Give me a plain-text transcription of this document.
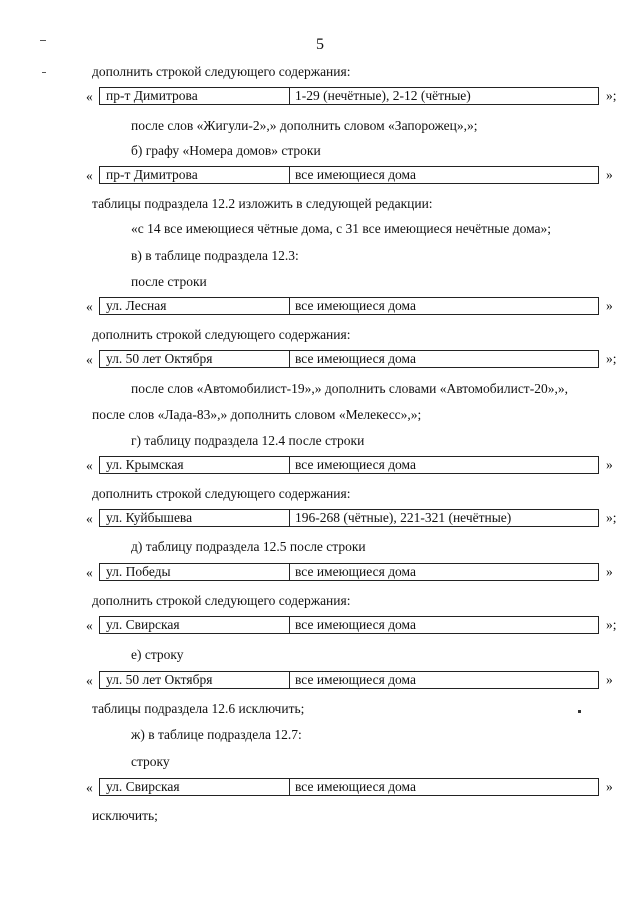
5
дополнить строкой следующего содержания:
« пр-т Димитрова	1-29 (нечётные), 2-12 (чётные)	»;
после слов «Жигули-2»,» дополнить словом «Запорожец»,»;
б) графу «Номера домов» строки
« пр-т Димитрова	все имеющиеся дома	»
таблицы подраздела 12.2 изложить в следующей редакции:
«с 14 все имеющиеся чётные дома, с 31 все имеющиеся нечётные дома»;
в) в таблице подраздела 12.3:
после строки
« ул. Лесная	все имеющиеся дома	»
дополнить строкой следующего содержания:
« ул. 50 лет Октября	все имеющиеся дома	»;
после слов «Автомобилист-19»,» дополнить словами «Автомобилист-20»,»,
после слов «Лада-83»,» дополнить словом «Мелекесс»,»;
г) таблицу подраздела 12.4 после строки
« ул. Крымская	все имеющиеся дома	»
дополнить строкой следующего содержания:
« ул. Куйбышева	196-268 (чётные), 221-321 (нечётные)	»;
д) таблицу подраздела 12.5 после строки
« ул. Победы	все имеющиеся дома	»
дополнить строкой следующего содержания:
« ул. Свирская	все имеющиеся дома	»;
е) строку
« ул. 50 лет Октября	все имеющиеся дома	»
таблицы подраздела 12.6 исключить;
ж) в таблице подраздела 12.7:
строку
« ул. Свирская	все имеющиеся дома	»
исключить;
